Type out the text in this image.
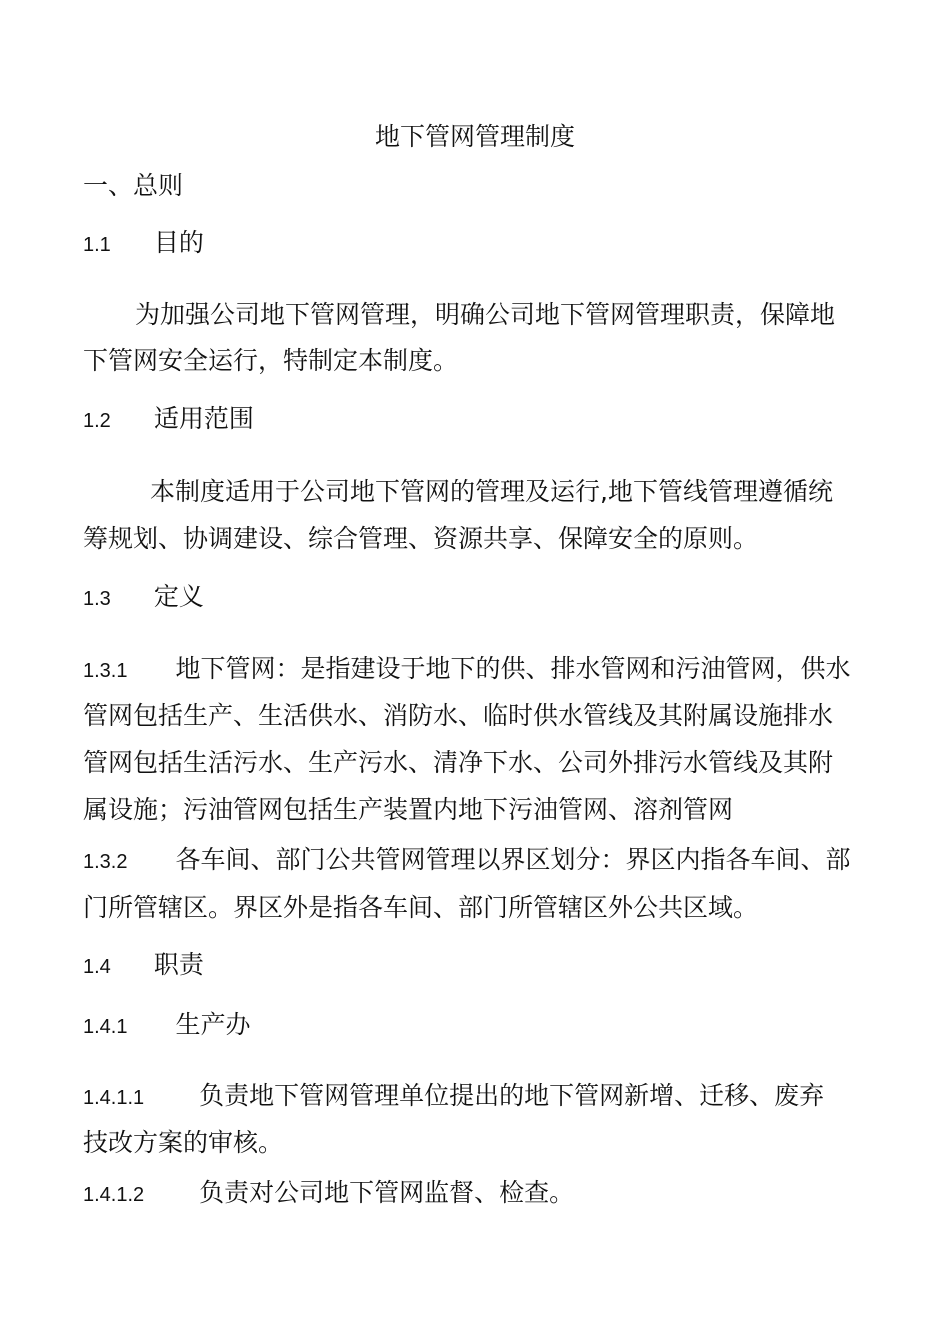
地下管网管理制度
一、总则
1.1 目的
为加强公司地下管网管理，明确公司地下管网管理职责，保障地
下管网安全运行，特制定本制度。
1.2 适用范围
本制度适用于公司地下管网的管理及运行,地下管线管理遵循统
筹规划、协调建设、综合管理、资源共享、保障安全的原则。
1.3 定义
1.3.1 地下管网：是指建设于地下的供、排水管网和污油管网，供水
管网包括生产、生活供水、消防水、临时供水管线及其附属设施排水
管网包括生活污水、生产污水、清净下水、公司外排污水管线及其附
属设施；污油管网包括生产装置内地下污油管网、溶剂管网
1.3.2 各车间、部门公共管网管理以界区划分：界区内指各车间、部
门所管辖区。界区外是指各车间、部门所管辖区外公共区域。
1.4 职责
1.4.1 生产办
1.4.1.1 负责地下管网管理单位提出的地下管网新增、迁移、废弃
技改方案的审核。
1.4.1.2 负责对公司地下管网监督、检查。
